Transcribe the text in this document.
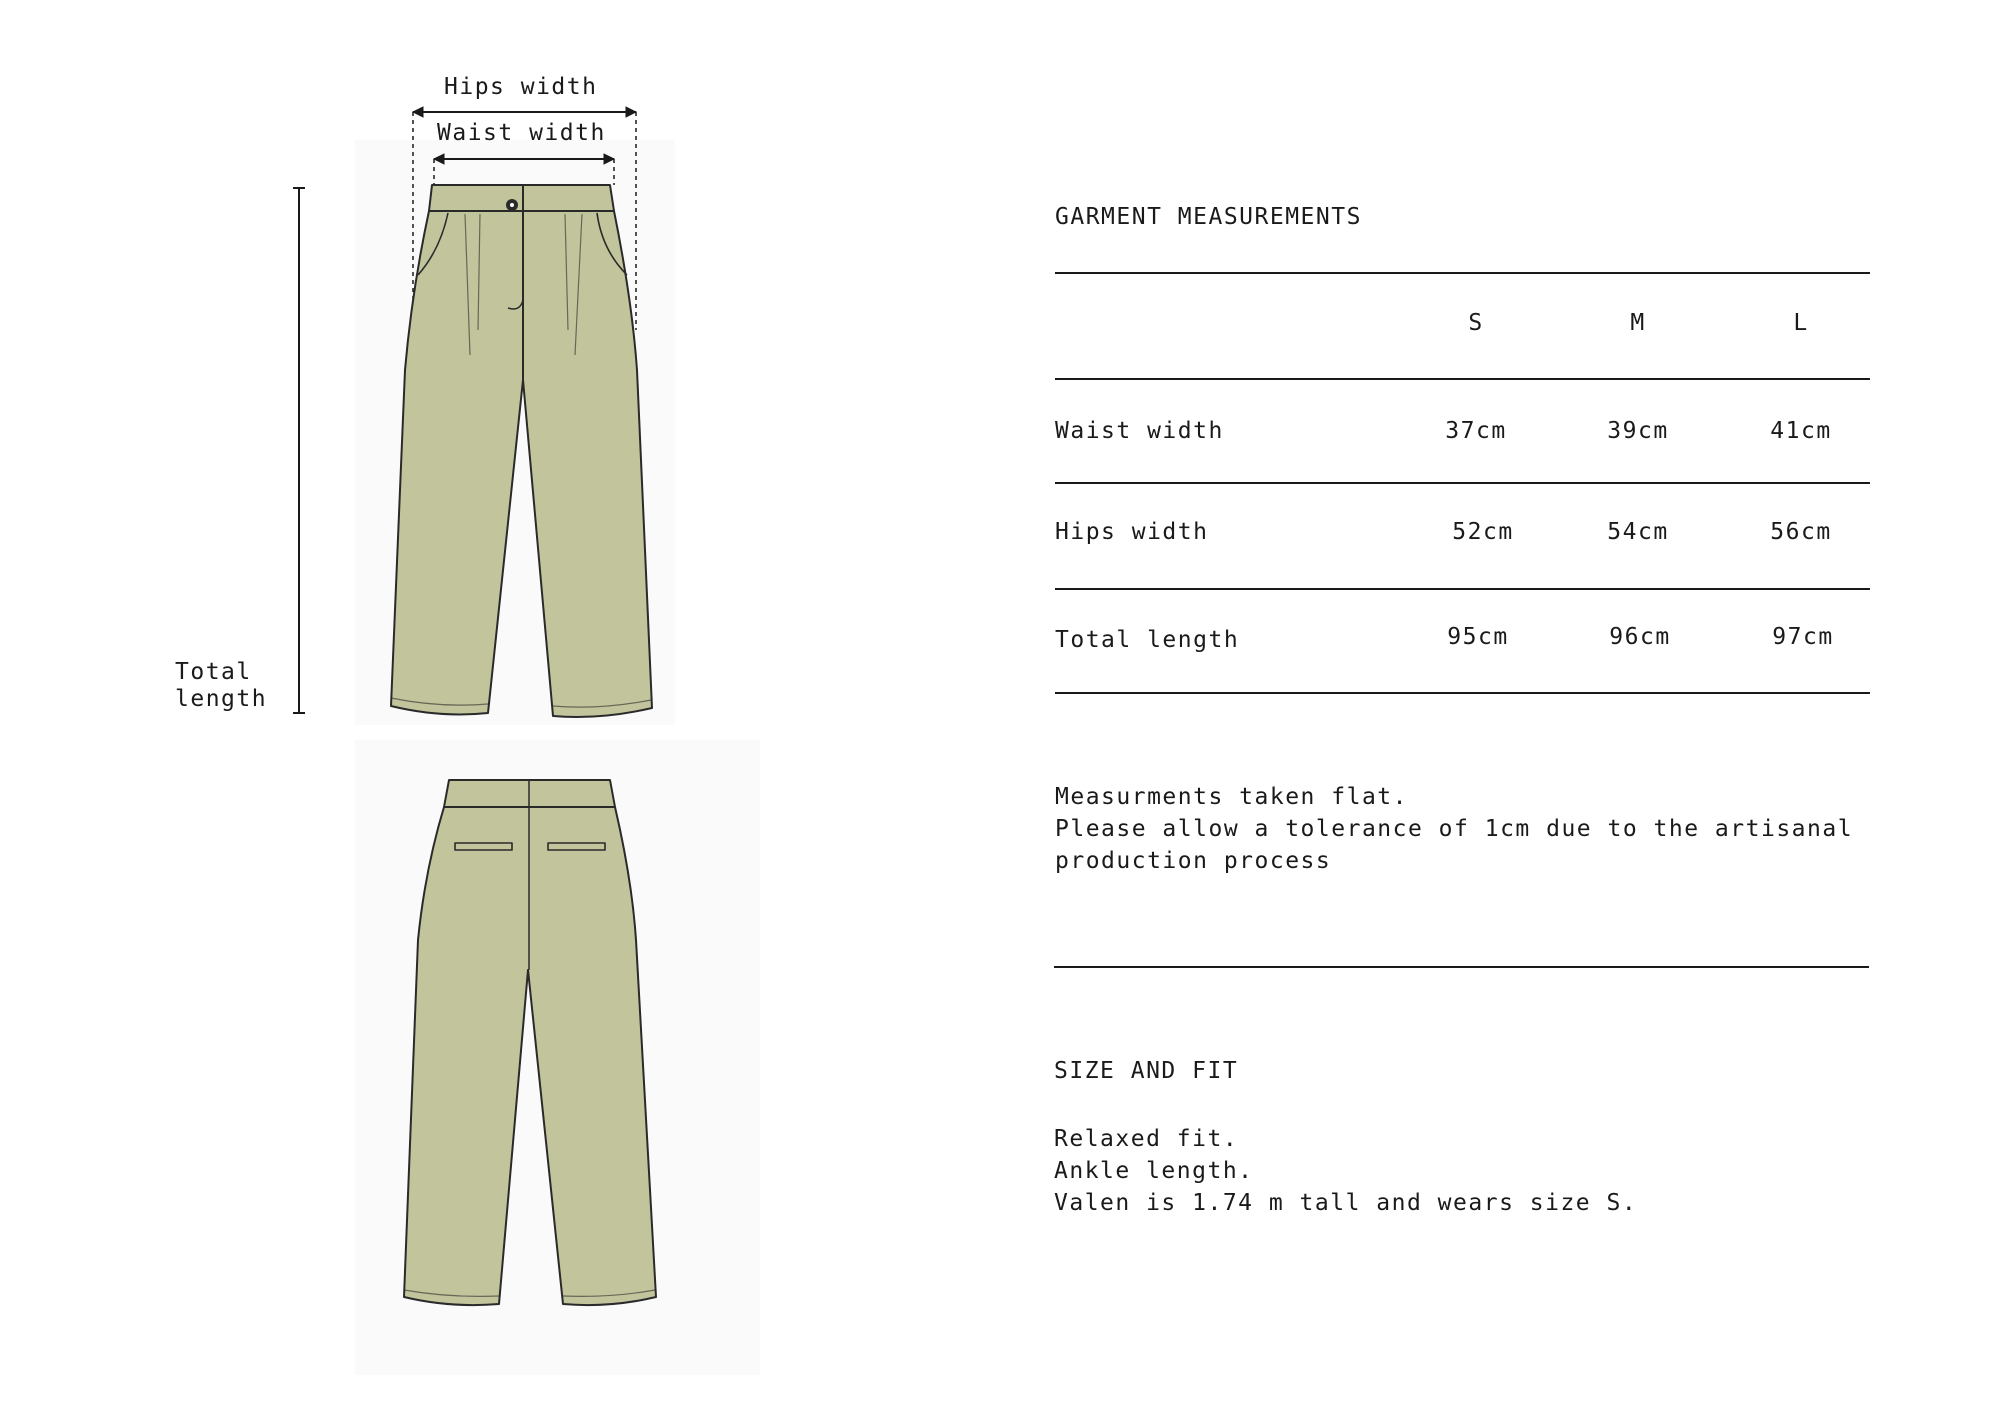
Hips width
Waist width
Total
length
GARMENT MEASUREMENTS
S	M	L
Waist width	37cm	39cm	41cm
Hips width	52cm	54cm	56cm
Total length	95cm	96cm	97cm
Measurments taken flat.
Please allow a tolerance of 1cm due to the artisanal
production process
SIZE AND FIT
Relaxed fit.
Ankle length.
Valen is 1.74 m tall and wears size S.
